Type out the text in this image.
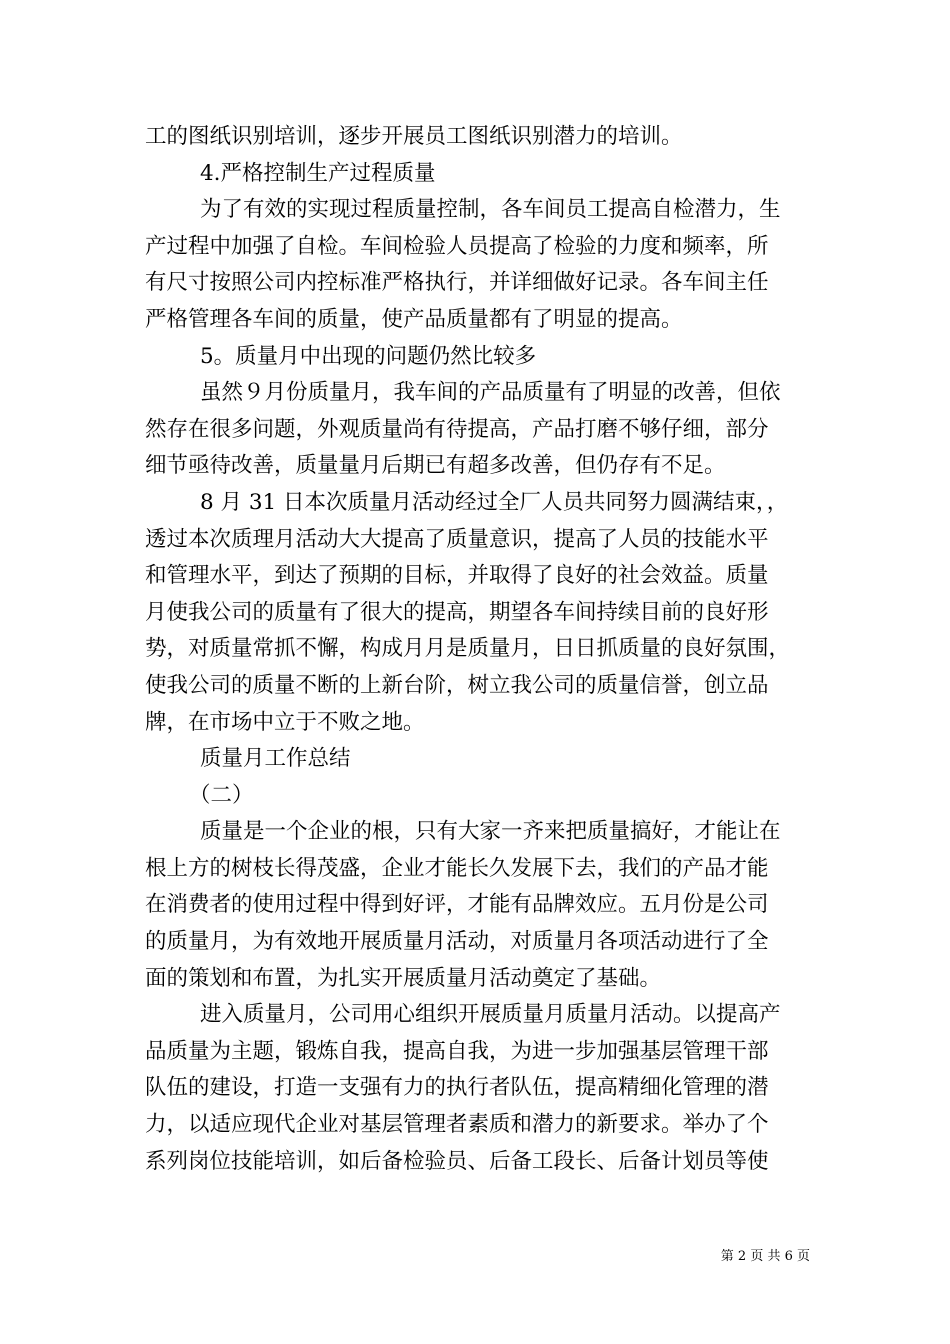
工的图纸识别培训，逐步开展员工图纸识别潜力的培训。
4.严格控制生产过程质量
为了有效的实现过程质量控制，各车间员工提高自检潜力，生
产过程中加强了自检。车间检验人员提高了检验的力度和频率，所
有尺寸按照公司内控标准严格执行，并详细做好记录。各车间主任
严格管理各车间的质量，使产品质量都有了明显的提高。
5。质量月中出现的问题仍然比较多
虽然９月份质量月，我车间的产品质量有了明显的改善，但依
然存在很多问题，外观质量尚有待提高，产品打磨不够仔细，部分
细节亟待改善，质量量月后期已有超多改善，但仍存有不足。
8 月 31 日本次质量月活动经过全厂人员共同努力圆满结束，，
透过本次质理月活动大大提高了质量意识，提高了人员的技能水平
和管理水平，到达了预期的目标，并取得了良好的社会效益。质量
月使我公司的质量有了很大的提高，期望各车间持续目前的良好形
势，对质量常抓不懈，构成月月是质量月，日日抓质量的良好氛围，
使我公司的质量不断的上新台阶，树立我公司的质量信誉，创立品
牌，在市场中立于不败之地。
质量月工作总结
（二）
质量是一个企业的根，只有大家一齐来把质量搞好，才能让在
根上方的树枝长得茂盛，企业才能长久发展下去，我们的产品才能
在消费者的使用过程中得到好评，才能有品牌效应。五月份是公司
的质量月，为有效地开展质量月活动，对质量月各项活动进行了全
面的策划和布置，为扎实开展质量月活动奠定了基础。
进入质量月，公司用心组织开展质量月质量月活动。以提高产
品质量为主题，锻炼自我，提高自我，为进一步加强基层管理干部
队伍的建设，打造一支强有力的执行者队伍，提高精细化管理的潜
力，以适应现代企业对基层管理者素质和潜力的新要求。举办了个
系列岗位技能培训，如后备检验员、后备工段长、后备计划员等使
第 2 页 共 6 页
